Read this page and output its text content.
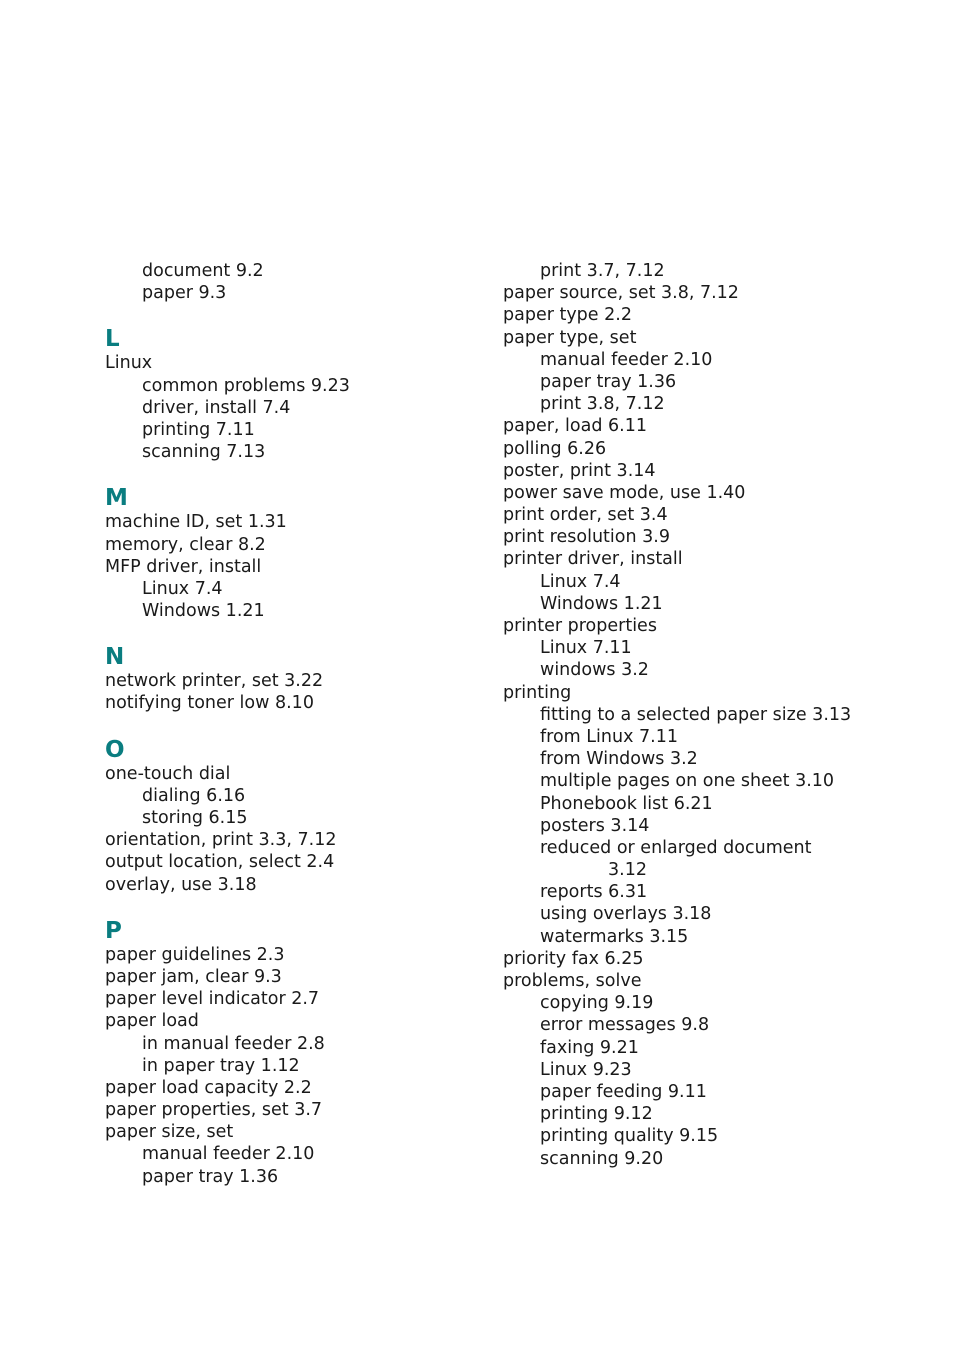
document 9.2
paper 9.3
L
Linux
common problems 9.23
driver, install 7.4
printing 7.11
scanning 7.13
M
machine ID, set 1.31
memory, clear 8.2
MFP driver, install
Linux 7.4
Windows 1.21
N
network printer, set 3.22
notifying toner low 8.10
O
one-touch dial
dialing 6.16
storing 6.15
orientation, print 3.3, 7.12
output location, select 2.4
overlay, use 3.18
P
paper guidelines 2.3
paper jam, clear 9.3
paper level indicator 2.7
paper load
in manual feeder 2.8
in paper tray 1.12
paper load capacity 2.2
paper properties, set 3.7
paper size, set
manual feeder 2.10
paper tray 1.36
print 3.7, 7.12
paper source, set 3.8, 7.12
paper type 2.2
paper type, set
manual feeder 2.10
paper tray 1.36
print 3.8, 7.12
paper, load 6.11
polling 6.26
poster, print 3.14
power save mode, use 1.40
print order, set 3.4
print resolution 3.9
printer driver, install
Linux 7.4
Windows 1.21
printer properties
Linux 7.11
windows 3.2
printing
fitting to a selected paper size 3.13
from Linux 7.11
from Windows 3.2
multiple pages on one sheet 3.10
Phonebook list 6.21
posters 3.14
reduced or enlarged document
3.12
reports 6.31
using overlays 3.18
watermarks 3.15
priority fax 6.25
problems, solve
copying 9.19
error messages 9.8
faxing 9.21
Linux 9.23
paper feeding 9.11
printing 9.12
printing quality 9.15
scanning 9.20
